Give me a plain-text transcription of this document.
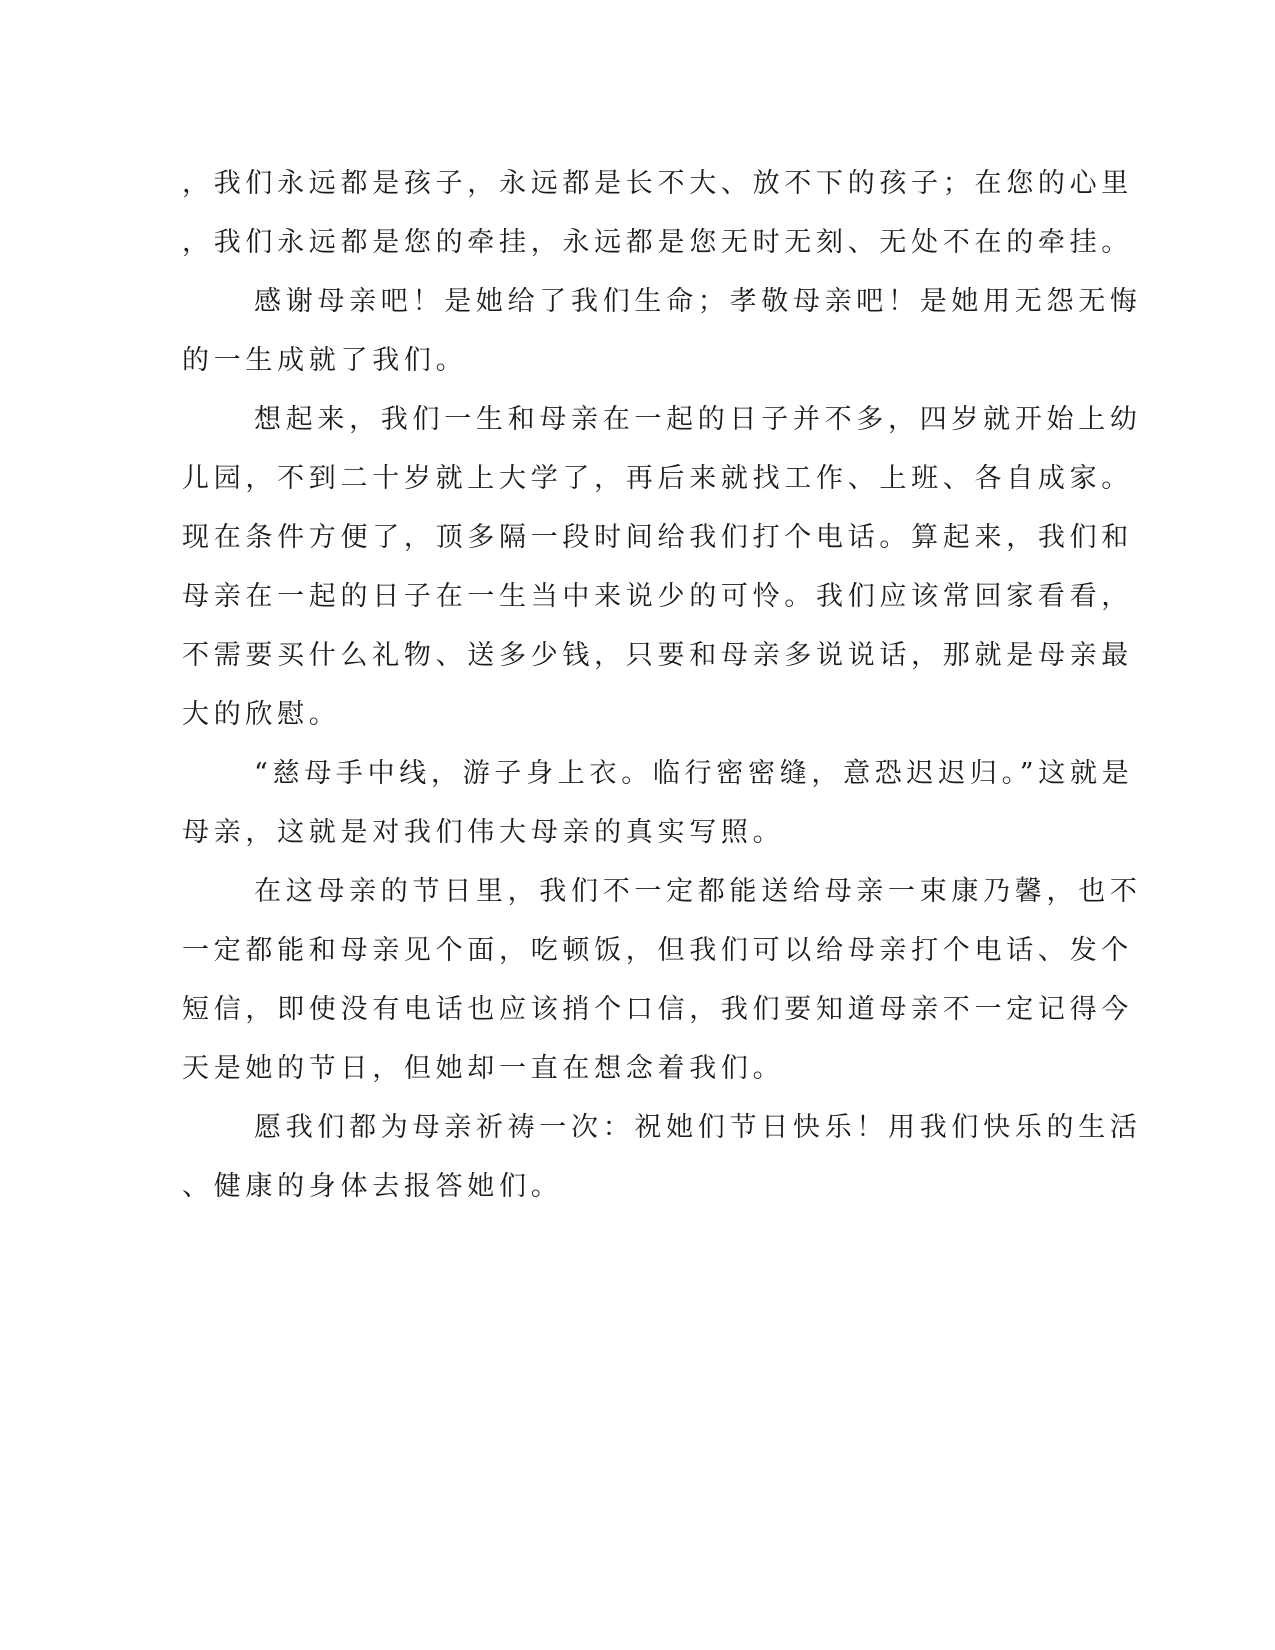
，我们永远都是孩子，永远都是长不大、放不下的孩子；在您的心里
，我们永远都是您的牵挂，永远都是您无时无刻、无处不在的牵挂。
感谢母亲吧！是她给了我们生命；孝敬母亲吧！是她用无怨无悔
的一生成就了我们。
想起来，我们一生和母亲在一起的日子并不多，四岁就开始上幼
儿园，不到二十岁就上大学了，再后来就找工作、上班、各自成家。
现在条件方便了，顶多隔一段时间给我们打个电话。算起来，我们和
母亲在一起的日子在一生当中来说少的可怜。我们应该常回家看看，
不需要买什么礼物、送多少钱，只要和母亲多说说话，那就是母亲最
大的欣慰。
“慈母手中线，游子身上衣。临行密密缝，意恐迟迟归。”这就是
母亲，这就是对我们伟大母亲的真实写照。
在这母亲的节日里，我们不一定都能送给母亲一束康乃馨，也不
一定都能和母亲见个面，吃顿饭，但我们可以给母亲打个电话、发个
短信，即使没有电话也应该捎个口信，我们要知道母亲不一定记得今
天是她的节日，但她却一直在想念着我们。
愿我们都为母亲祈祷一次：祝她们节日快乐！用我们快乐的生活
、健康的身体去报答她们。
